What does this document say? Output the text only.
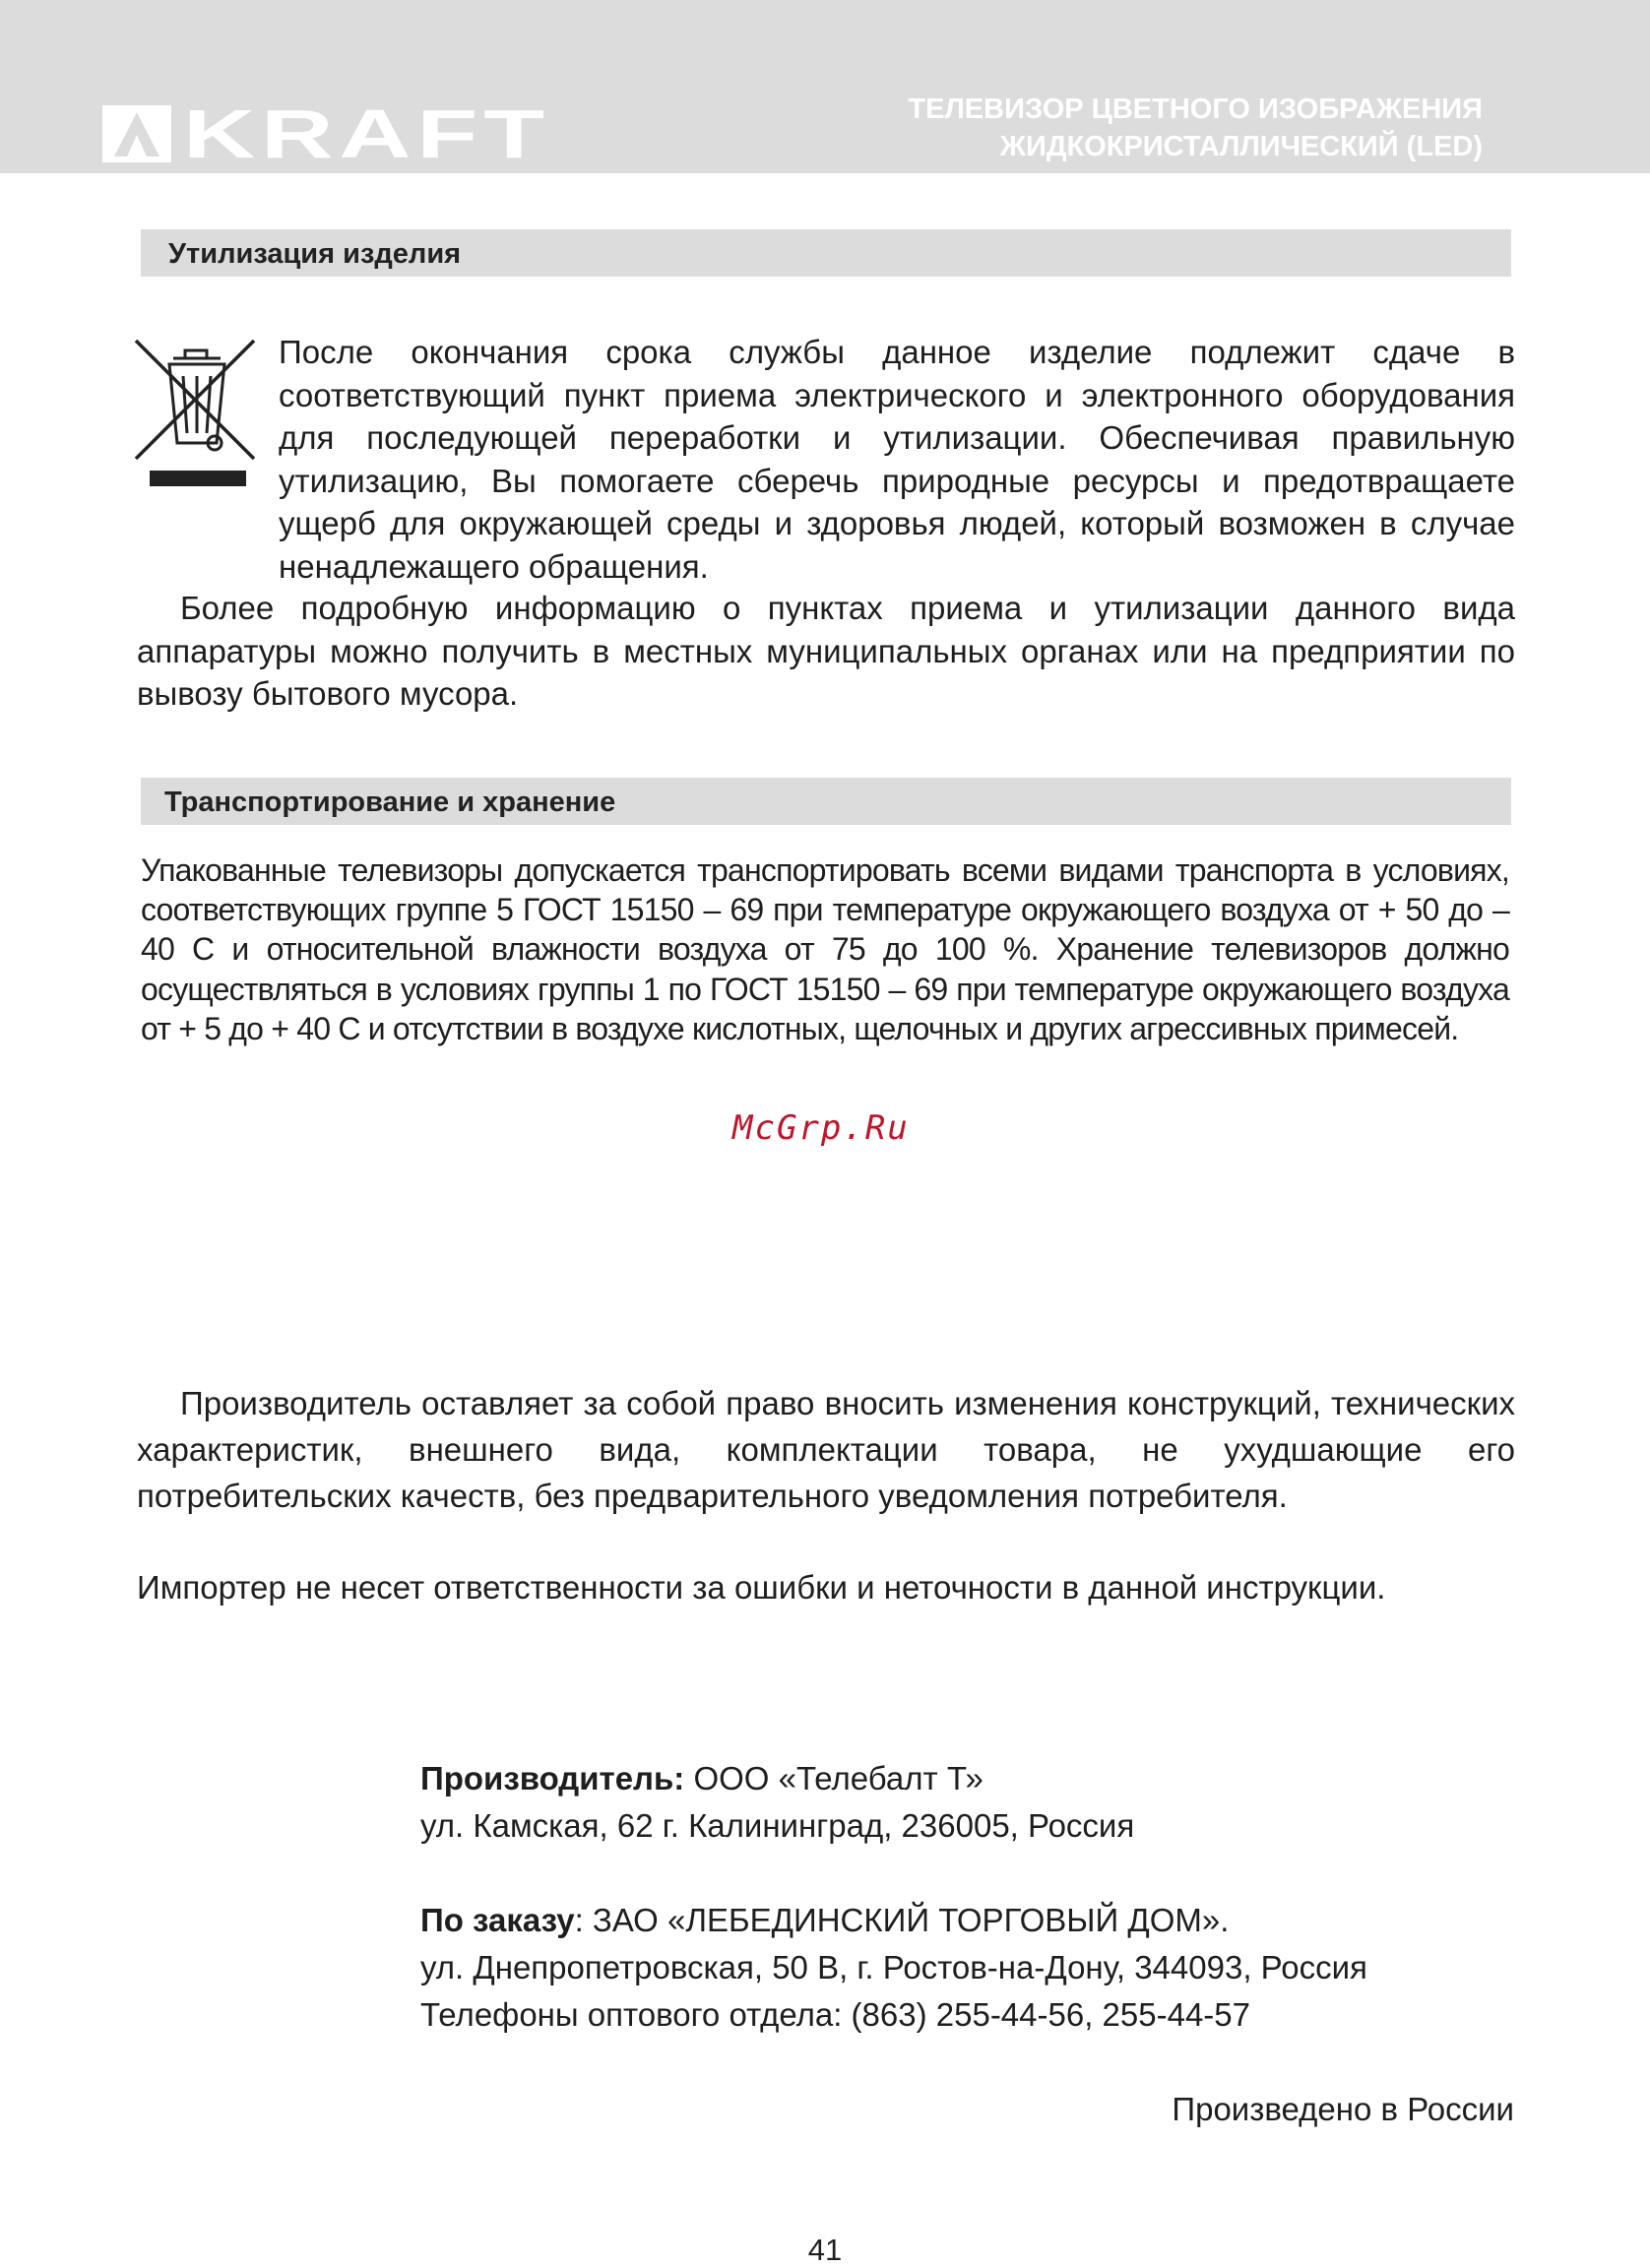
KRAFT	ТЕЛЕВИЗОР ЦВЕТНОГО ИЗОБРАЖЕНИЯ
ЖИДКОКРИСТАЛЛИЧЕСКИЙ (LED)
Утилизация изделия

После окончания срока службы данное изделие подлежит сдаче в соответствующий пункт приема электрического и электронного оборудования для последующей переработки и утилизации. Обеспечивая правильную утилизацию, Вы помогаете сберечь природные ресурсы и предотвращаете ущерб для окружающей среды и здоровья людей, который возможен в случае ненадлежащего обращения.

Более подробную информацию о пунктах приема и утилизации данного вида аппаратуры можно получить в местных муниципальных органах или на предприятии по вывозу бытового мусора.

Транспортирование и хранение

Упакованные телевизоры допускается транспортировать всеми видами транспорта в условиях, соответствующих группе 5 ГОСТ 15150 – 69 при температуре окружающего воздуха от + 50 до – 40 С и относительной влажности воздуха от 75 до 100 %. Хранение телевизоров должно осуществляться в условиях группы 1 по ГОСТ 15150 – 69 при температуре окружающего воздуха от + 5 до + 40 С и отсутствии в воздухе кислотных, щелочных и других агрессивных примесей.

McGrp.Ru

Производитель оставляет за собой право вносить изменения конструкций, технических характеристик, внешнего вида, комплектации товара, не ухудшающие его потребительских качеств, без предварительного уведомления потребителя.

Импортер не несет ответственности за ошибки и неточности в данной инструкции.

Производитель: ООО «Телебалт Т»
ул. Камская, 62 г. Калининград, 236005, Россия
По заказу: ЗАО «ЛЕБЕДИНСКИЙ ТОРГОВЫЙ ДОМ».
ул. Днепропетровская, 50 В, г. Ростов-на-Дону, 344093, Россия
Телефоны оптового отдела: (863) 255-44-56, 255-44-57
Произведено в России
41
